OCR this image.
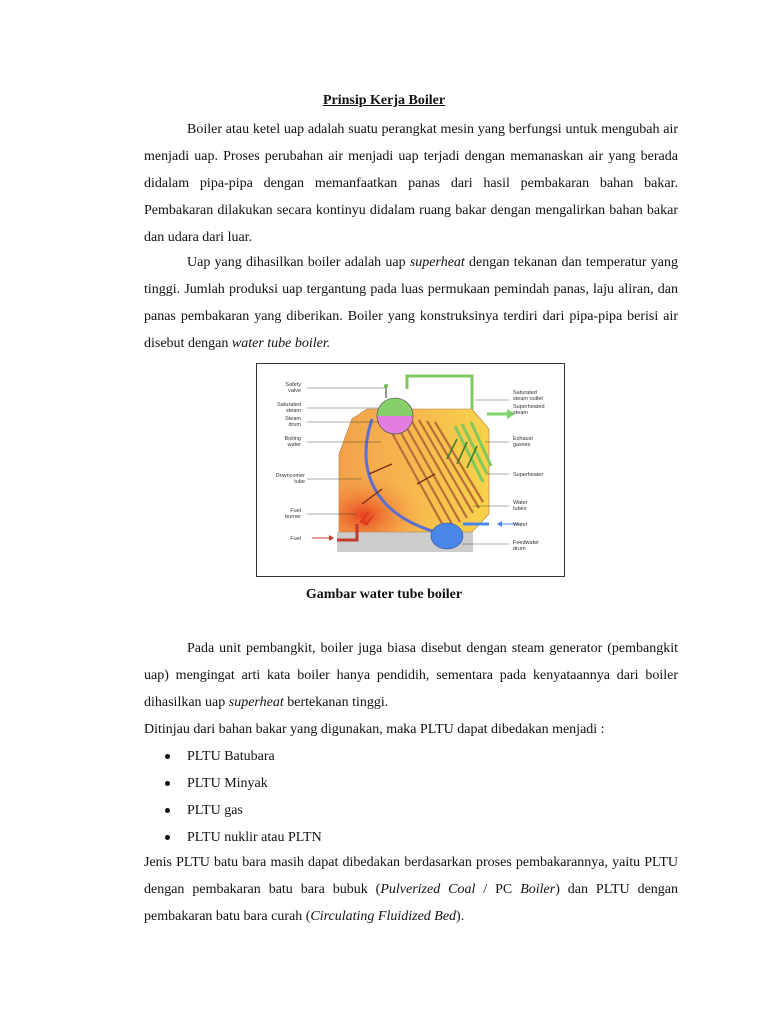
Prinsip Kerja Boiler

Boiler atau ketel uap adalah suatu perangkat mesin yang berfungsi untuk mengubah air menjadi uap. Proses perubahan air menjadi uap terjadi dengan memanaskan air yang berada didalam pipa-pipa dengan memanfaatkan panas dari hasil pembakaran bahan bakar. Pembakaran dilakukan secara kontinyu didalam ruang bakar dengan mengalirkan bahan bakar dan udara dari luar.

Uap yang dihasilkan boiler adalah uap superheat dengan tekanan dan temperatur yang tinggi. Jumlah produksi uap tergantung pada luas permukaan pemindah panas, laju aliran, dan panas pembakaran yang diberikan. Boiler yang konstruksinya terdiri dari pipa-pipa berisi air disebut dengan water tube boiler.

Safety
valve
Saturated
steam
Steam
drum
Boiling
water
Downcomer
tube
Fuel
burner
Fuel
Saturated
steam outlet
Superheated
steam
Exhaust
gasses
Superheater
Water
tubes
Water
Feedwater
drum
Gambar water tube boiler

Pada unit pembangkit, boiler juga biasa disebut dengan steam generator (pembangkit uap) mengingat arti kata boiler hanya pendidih, sementara pada kenyataannya dari boiler dihasilkan uap superheat bertekanan tinggi.

Ditinjau dari bahan bakar yang digunakan, maka PLTU dapat dibedakan menjadi :

PLTU Batubara
PLTU Minyak
PLTU gas
PLTU nuklir atau PLTN

Jenis PLTU batu bara masih dapat dibedakan berdasarkan proses pembakarannya, yaitu PLTU dengan pembakaran batu bara bubuk (Pulverized Coal / PC Boiler) dan PLTU dengan pembakaran batu bara curah (Circulating Fluidized Bed).
